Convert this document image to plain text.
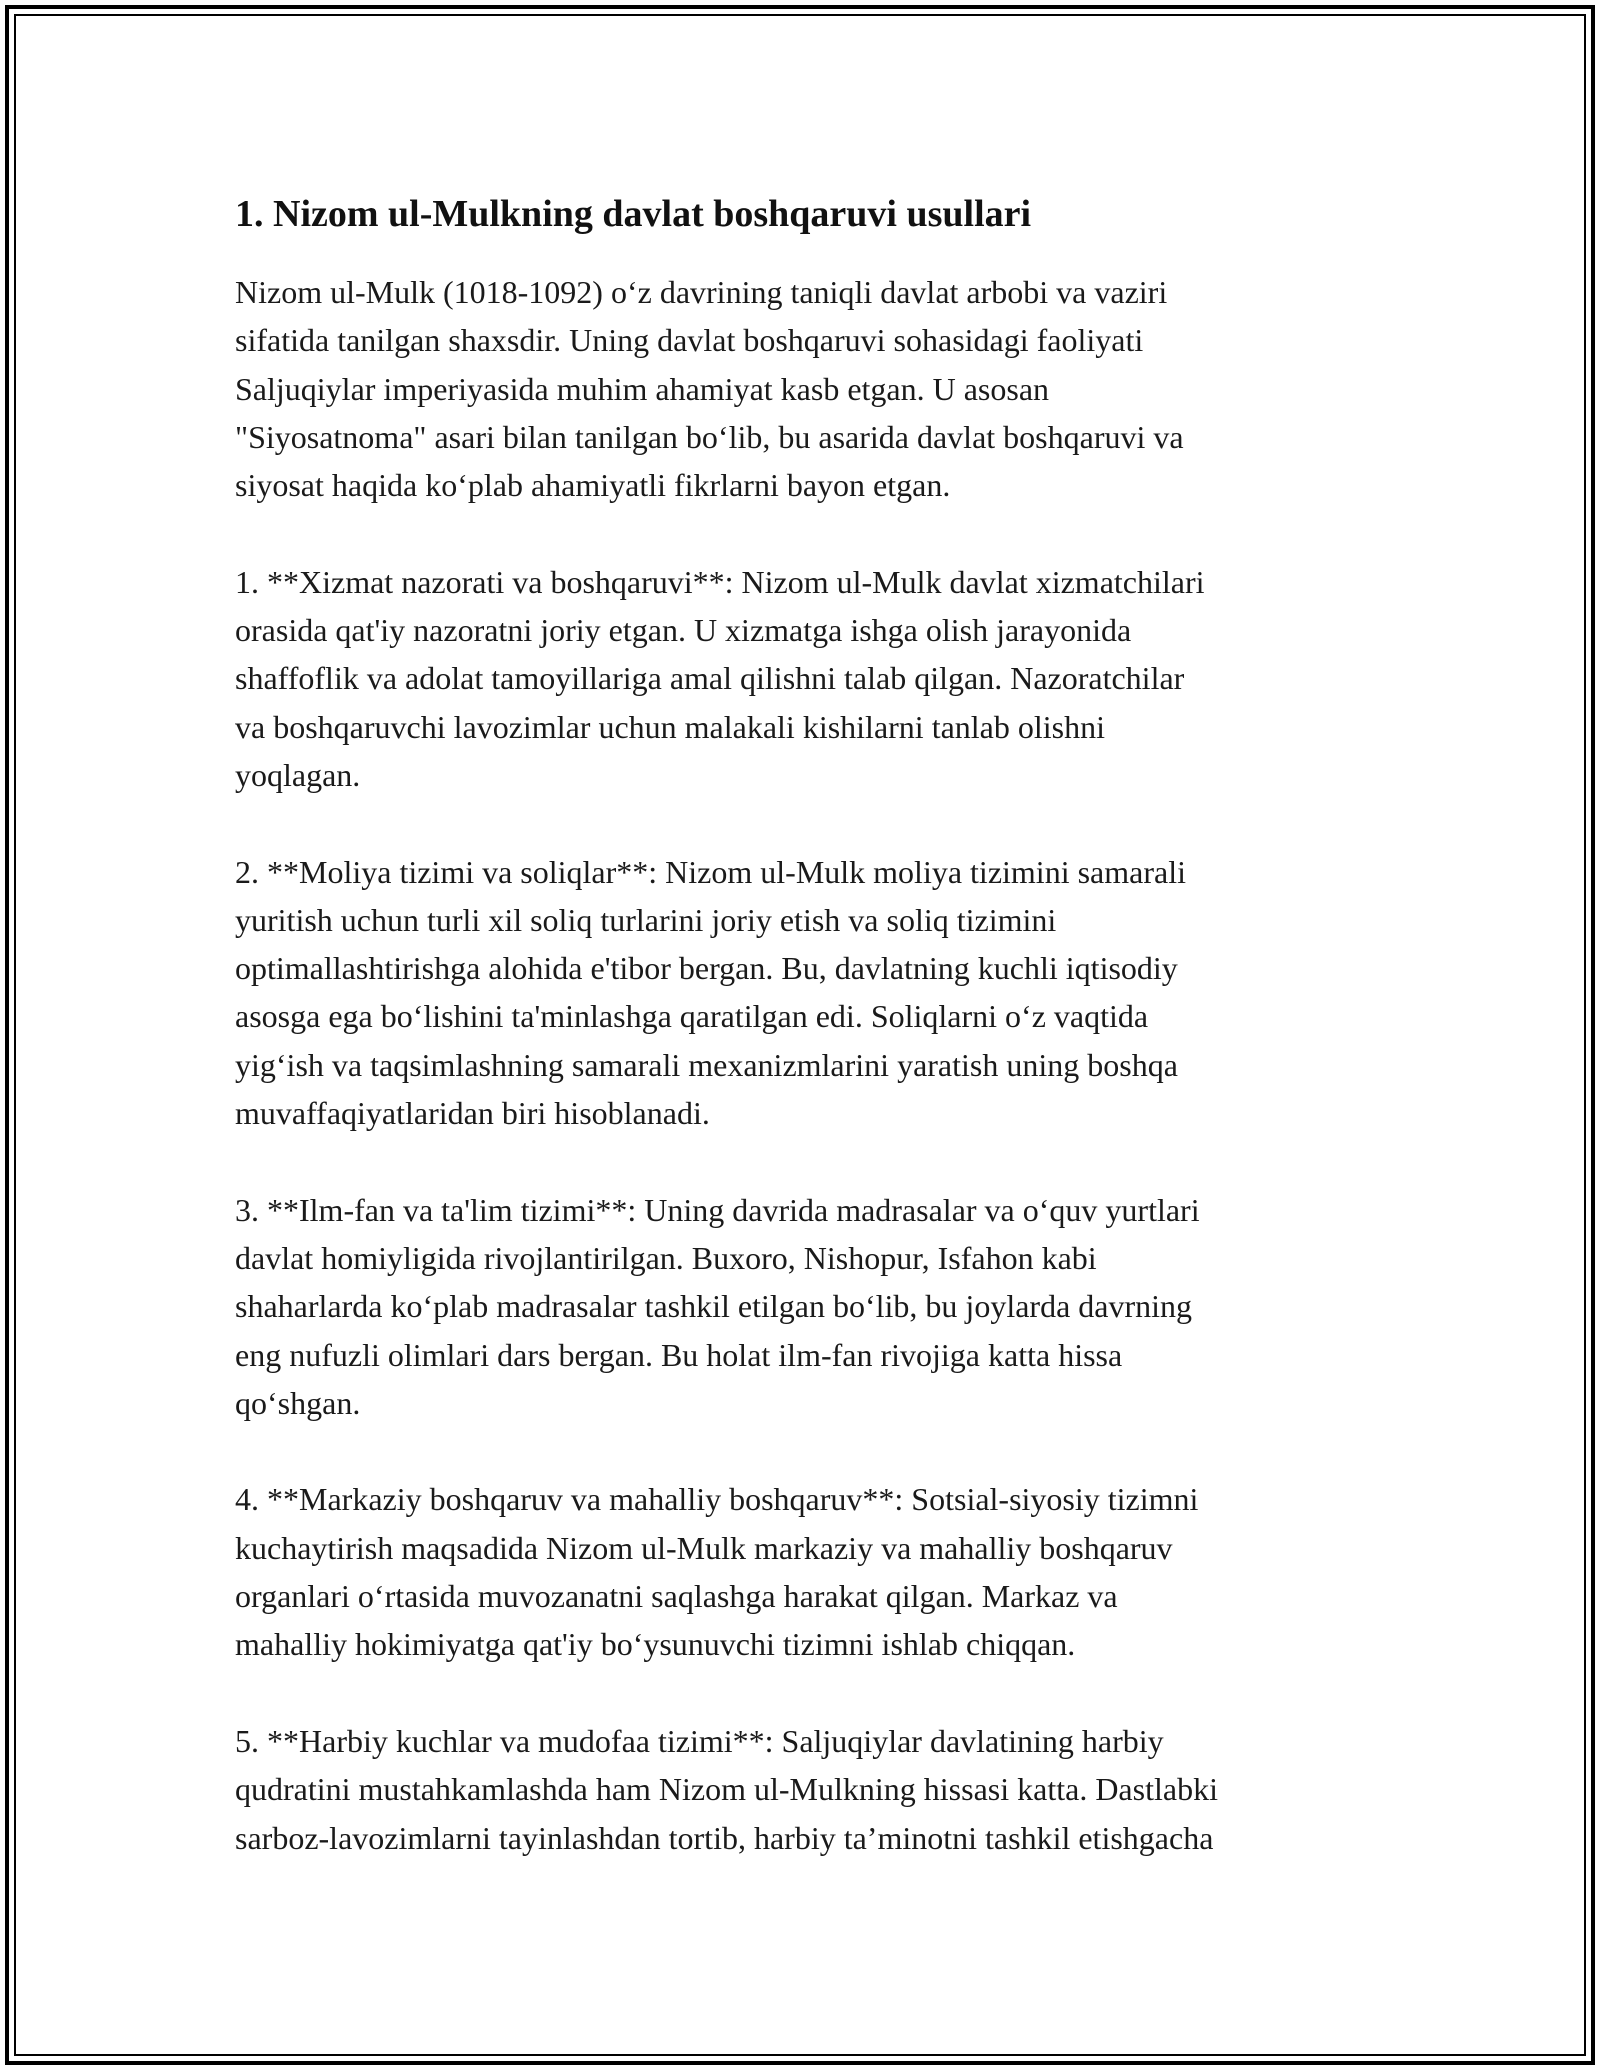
1. Nizom ul-Mulkning davlat boshqaruvi usullari
Nizom ul-Mulk (1018-1092) o‘z davrining taniqli davlat arbobi va vaziri
sifatida tanilgan shaxsdir. Uning davlat boshqaruvi sohasidagi faoliyati
Saljuqiylar imperiyasida muhim ahamiyat kasb etgan. U asosan
"Siyosatnoma" asari bilan tanilgan bo‘lib, bu asarida davlat boshqaruvi va
siyosat haqida ko‘plab ahamiyatli fikrlarni bayon etgan.
1. **Xizmat nazorati va boshqaruvi**: Nizom ul-Mulk davlat xizmatchilari
orasida qat'iy nazoratni joriy etgan. U xizmatga ishga olish jarayonida
shaffoflik va adolat tamoyillariga amal qilishni talab qilgan. Nazoratchilar
va boshqaruvchi lavozimlar uchun malakali kishilarni tanlab olishni
yoqlagan.
2. **Moliya tizimi va soliqlar**: Nizom ul-Mulk moliya tizimini samarali
yuritish uchun turli xil soliq turlarini joriy etish va soliq tizimini
optimallashtirishga alohida e'tibor bergan. Bu, davlatning kuchli iqtisodiy
asosga ega bo‘lishini ta'minlashga qaratilgan edi. Soliqlarni o‘z vaqtida
yig‘ish va taqsimlashning samarali mexanizmlarini yaratish uning boshqa
muvaffaqiyatlaridan biri hisoblanadi.
3. **Ilm-fan va ta'lim tizimi**: Uning davrida madrasalar va o‘quv yurtlari
davlat homiyligida rivojlantirilgan. Buxoro, Nishopur, Isfahon kabi
shaharlarda ko‘plab madrasalar tashkil etilgan bo‘lib, bu joylarda davrning
eng nufuzli olimlari dars bergan. Bu holat ilm-fan rivojiga katta hissa
qo‘shgan.
4. **Markaziy boshqaruv va mahalliy boshqaruv**: Sotsial-siyosiy tizimni
kuchaytirish maqsadida Nizom ul-Mulk markaziy va mahalliy boshqaruv
organlari o‘rtasida muvozanatni saqlashga harakat qilgan. Markaz va
mahalliy hokimiyatga qat'iy bo‘ysunuvchi tizimni ishlab chiqqan.
5. **Harbiy kuchlar va mudofaa tizimi**: Saljuqiylar davlatining harbiy
qudratini mustahkamlashda ham Nizom ul-Mulkning hissasi katta. Dastlabki
sarboz-lavozimlarni tayinlashdan tortib, harbiy ta’minotni tashkil etishgacha
